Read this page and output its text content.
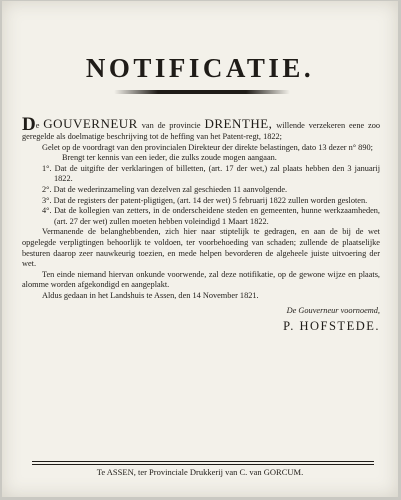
NOTIFICATIE.

De GOUVERNEUR van de provincie DRENTHE, willende verzekeren eene zoo geregelde als doelmatige beschrijving tot de heffing van het Patent-regt, 1822;

Gelet op de voordragt van den provincialen Direkteur der direkte belastingen, dato 13 dezer n° 890;

Brengt ter kennis van een ieder, die zulks zoude mogen aangaan.

1°. Dat de uitgifte der verklaringen of billetten, (art. 17 der wet,) zal plaats hebben den 3 januarij 1822.

2°. Dat de wederinzameling van dezelven zal geschieden 11 aanvolgende.

3°. Dat de registers der patent-pligtigen, (art. 14 der wet) 5 februarij 1822 zullen worden gesloten.

4°. Dat de kollegien van zetters, in de onderscheidene steden en gemeenten, hunne werkzaamheden, (art. 27 der wet) zullen moeten hebben voleindigd 1 Maart 1822.

Vermanende de belanghebbenden, zich hier naar stiptelijk te gedragen, en aan de bij de wet opgelegde verpligtingen behoorlijk te voldoen, ter voorbehoeding van schaden; zullende de plaatselijke besturen daarop zeer nauwkeurig toezien, en mede helpen bevorderen de algeheele juiste uitvoering der wet.

Ten einde niemand hiervan onkunde voorwende, zal deze notifikatie, op de gewone wijze en plaats, alomme worden afgekondigd en aangeplakt.

Aldus gedaan in het Landshuis te Assen, den 14 November 1821.

De Gouverneur voornoemd,

P. HOFSTEDE.

Te ASSEN, ter Provinciale Drukkerij van C. van GORCUM.
